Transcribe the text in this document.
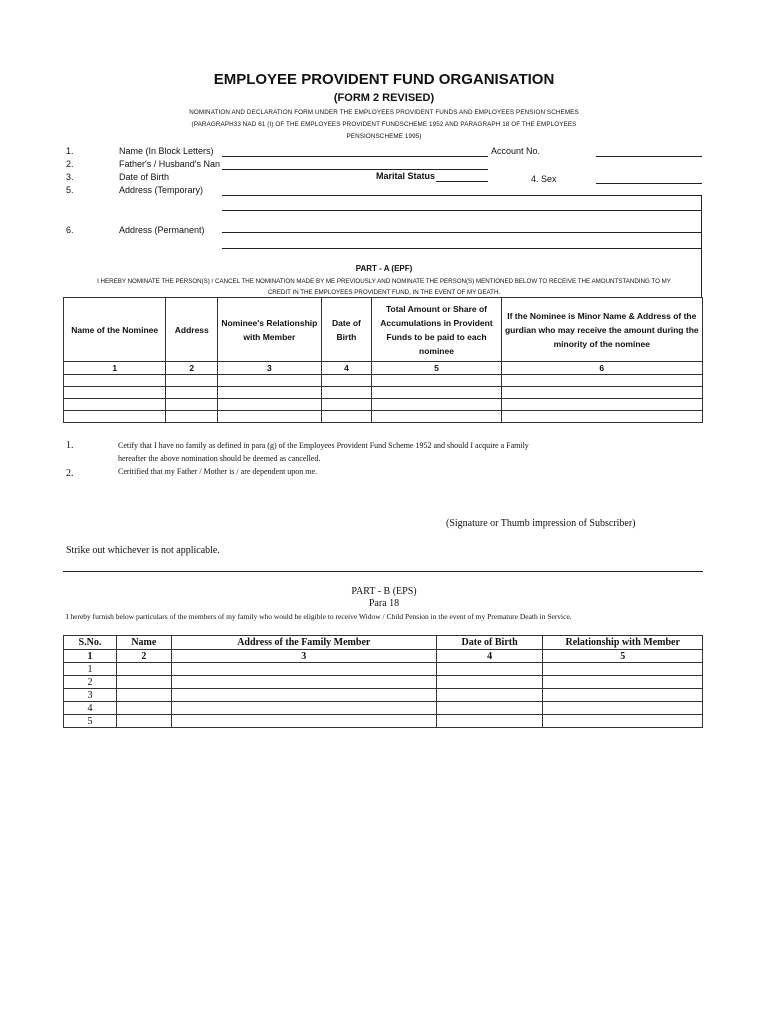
EMPLOYEE PROVIDENT FUND ORGANISATION
(FORM 2 REVISED)
NOMINATION AND DECLARATION FORM UNDER THE EMPLOYEES PROVIDENT FUNDS AND EMPLOYEES PENSION SCHEMES (PARAGRAPH33 NAD 61 (I) OF THE EMPLOYEES PROVIDENT FUNDSCHEME 1952 AND PARAGRAPH 18 OF THE EMPLOYEES PENSIONSCHEME 1995)
1.	Name (In Block Letters)	Account No.
2.	Father's / Husband's Nan
3.	Date of Birth	Marital Status	4. Sex
5.	Address (Temporary)
6.	Address (Permanent)
PART - A (EPF)
I HEREBY NOMINATE THE PERSON(S) / CANCEL THE NOMINATION MADE BY ME PREVIOUSLY AND NOMINATE THE PERSON(S) MENTIONED BELOW TO RECEIVE THE AMOUNTSTANDING TO MY CREDIT IN THE EMPLOYEES PROVIDENT FUND, IN THE EVENT OF MY DEATH.
Name of the Nominee	Address	Nominee's Relationship with Member	Date of Birth	Total Amount or Share of Accumulations in Provident Funds to be paid to each nominee	If the Nominee is Minor Name & Address of the gurdian who may receive the amount during the minority of the nominee
1	2	3	4	5	6

1.	Cetify that I have no family as defined in para (g) of the Employees Provident Fund Scheme 1952 and should I acquire a Family
hereafter the above nomination should be deemed as cancelled.
2.	Ceritified that my Father / Mother is / are dependent upon me.
(Signature or Thumb impression of Subscriber)
Strike out whichever is not applicable.
PART - B (EPS)
Para 18
I hereby furnish below particulars of the members of my family who would be eligible to receive Widow / Child Pension in the event of my Premature Death in Service.
S.No.	Name	Address of the Family Member	Date of Birth	Relationship with Member
1	2	3	4	5
1				
2				
3				
4				
5				
